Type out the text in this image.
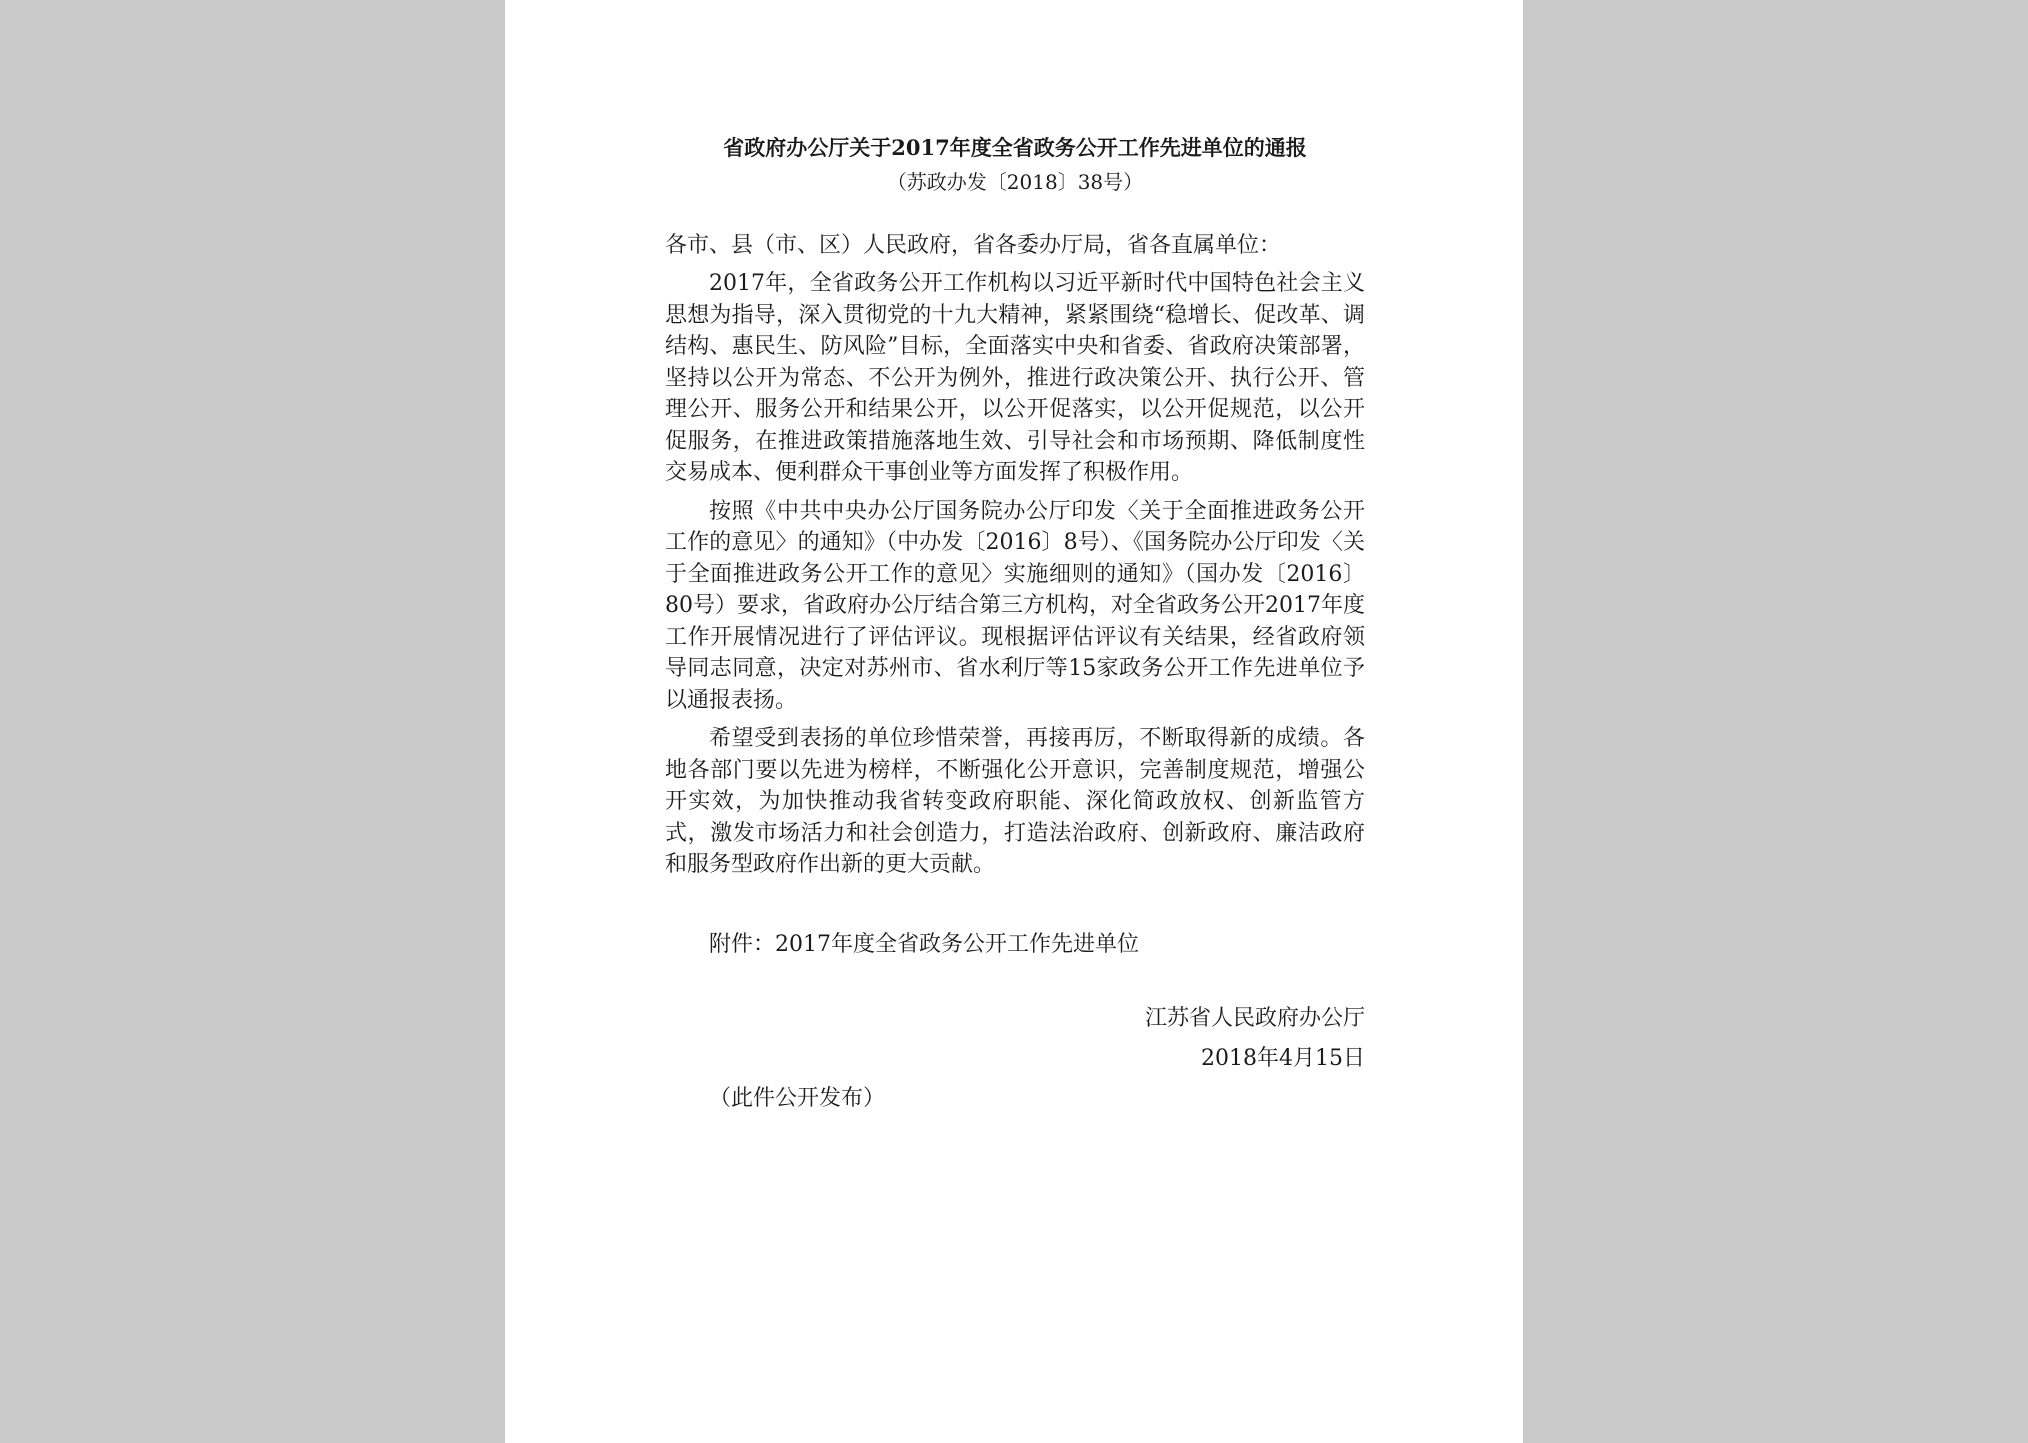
省政府办公厅关于2017年度全省政务公开工作先进单位的通报
（苏政办发〔2018〕38号）
各市、县（市、区）人民政府，省各委办厅局，省各直属单位：

2017年，全省政务公开工作机构以习近平新时代中国特色社会主义思想为指导，深入贯彻党的十九大精神，紧紧围绕“稳增长、促改革、调结构、惠民生、防风险”目标，全面落实中央和省委、省政府决策部署，坚持以公开为常态、不公开为例外，推进行政决策公开、执行公开、管理公开、服务公开和结果公开，以公开促落实，以公开促规范，以公开促服务，在推进政策措施落地生效、引导社会和市场预期、降低制度性交易成本、便利群众干事创业等方面发挥了积极作用。

按照《中共中央办公厅国务院办公厅印发〈关于全面推进政务公开工作的意见〉的通知》（中办发〔2016〕8号）、《国务院办公厅印发〈关于全面推进政务公开工作的意见〉实施细则的通知》（国办发〔2016〕80号）要求，省政府办公厅结合第三方机构，对全省政务公开2017年度工作开展情况进行了评估评议。现根据评估评议有关结果，经省政府领导同志同意，决定对苏州市、省水利厅等15家政务公开工作先进单位予以通报表扬。

希望受到表扬的单位珍惜荣誉，再接再厉，不断取得新的成绩。各地各部门要以先进为榜样，不断强化公开意识，完善制度规范，增强公开实效，为加快推动我省转变政府职能、深化简政放权、创新监管方式，激发市场活力和社会创造力，打造法治政府、创新政府、廉洁政府和服务型政府作出新的更大贡献。

附件：2017年度全省政务公开工作先进单位
江苏省人民政府办公厅
2018年4月15日
（此件公开发布）
